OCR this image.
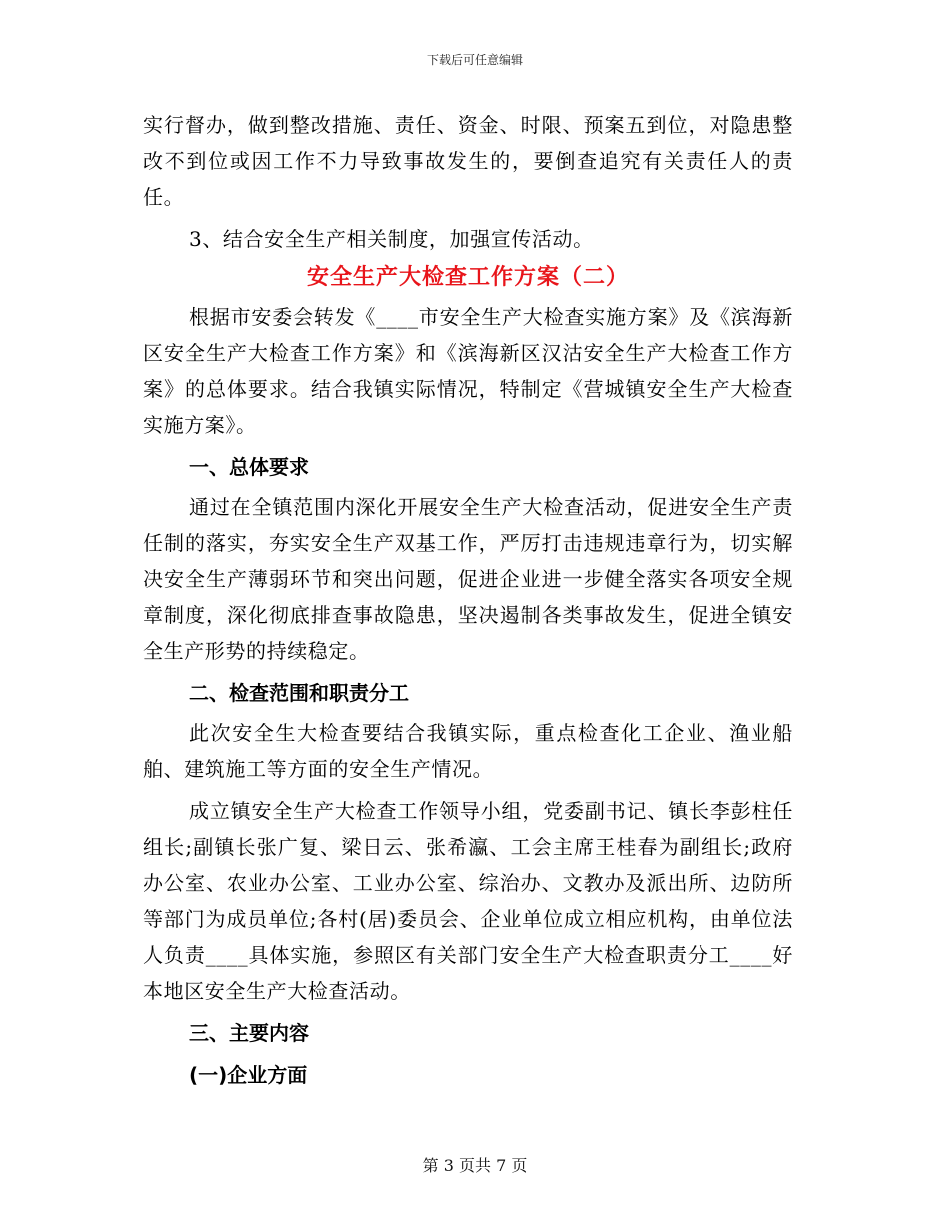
下载后可任意编辑

实行督办，做到整改措施、责任、资金、时限、预案五到位，对隐患整改不到位或因工作不力导致事故发生的，要倒查追究有关责任人的责任。

3、结合安全生产相关制度，加强宣传活动。

安全生产大检查工作方案（二）

根据市安委会转发《____市安全生产大检查实施方案》及《滨海新区安全生产大检查工作方案》和《滨海新区汉沽安全生产大检查工作方案》的总体要求。结合我镇实际情况，特制定《营城镇安全生产大检查实施方案》。

一、总体要求

通过在全镇范围内深化开展安全生产大检查活动，促进安全生产责任制的落实，夯实安全生产双基工作，严厉打击违规违章行为，切实解决安全生产薄弱环节和突出问题，促进企业进一步健全落实各项安全规章制度，深化彻底排查事故隐患，坚决遏制各类事故发生，促进全镇安全生产形势的持续稳定。

二、检查范围和职责分工

此次安全生大检查要结合我镇实际，重点检查化工企业、渔业船舶、建筑施工等方面的安全生产情况。

成立镇安全生产大检查工作领导小组，党委副书记、镇长李彭柱任组长;副镇长张广复、梁日云、张希瀛、工会主席王桂春为副组长;政府办公室、农业办公室、工业办公室、综治办、文教办及派出所、边防所等部门为成员单位;各村(居)委员会、企业单位成立相应机构，由单位法人负责____具体实施，参照区有关部门安全生产大检查职责分工____好本地区安全生产大检查活动。

三、主要内容
(一)企业方面
第 3 页共 7 页
